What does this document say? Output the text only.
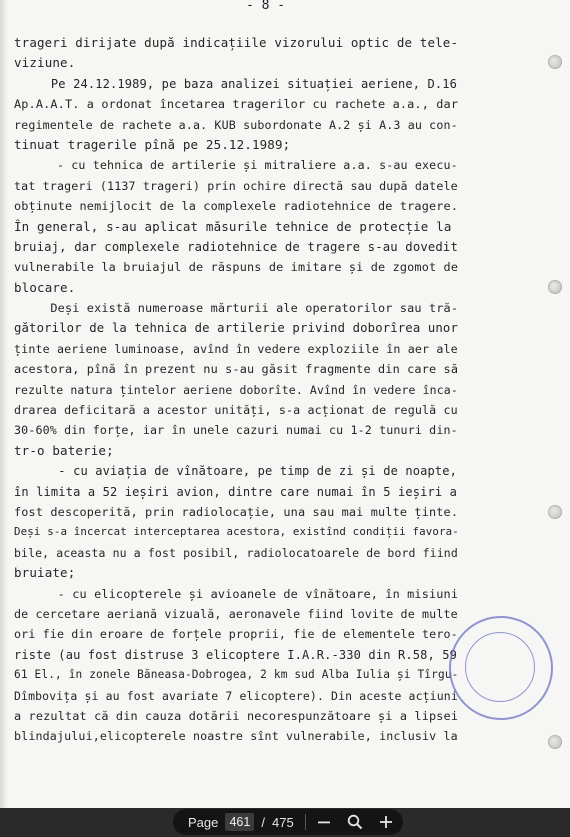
- 8 -
trageri dirijate după indicațiile vizorului optic de tele-
viziune.
Pe 24.12.1989, pe baza analizei situației aeriene, D.16
Ap.A.A.T. a ordonat încetarea tragerilor cu rachete a.a., dar
regimentele de rachete a.a. KUB subordonate A.2 și A.3 au con-
tinuat tragerile pînă pe 25.12.1989;
- cu tehnica de artilerie și mitraliere a.a. s-au execu-
tat trageri (1137 trageri) prin ochire directă sau după datele
obținute nemijlocit de la complexele radiotehnice de tragere.
În general, s-au aplicat măsurile tehnice de protecție la
bruiaj, dar complexele radiotehnice de tragere s-au dovedit
vulnerabile la bruiajul de răspuns de imitare și de zgomot de
blocare.
Deși există numeroase mărturii ale operatorilor sau tră-
gătorilor de la tehnica de artilerie privind doborîrea unor
ținte aeriene luminoase, avînd în vedere exploziile în aer ale
acestora, pînă în prezent nu s-au găsit fragmente din care să
rezulte natura țintelor aeriene doborîte. Avînd în vedere înca-
drarea deficitară a acestor unități, s-a acționat de regulă cu
30-60% din forțe, iar în unele cazuri numai cu 1-2 tunuri din-
tr-o baterie;
- cu aviația de vînătoare, pe timp de zi și de noapte,
în limita a 52 ieșiri avion, dintre care numai în 5 ieșiri a
fost descoperită, prin radiolocație, una sau mai multe ținte.
Deși s-a încercat interceptarea acestora, existînd condiții favora-
bile, aceasta nu a fost posibil, radiolocatoarele de bord fiind
bruiate;
- cu elicopterele și avioanele de vînătoare, în misiuni
de cercetare aeriană vizuală, aeronavele fiind lovite de multe
ori fie din eroare de forțele proprii, fie de elementele tero-
riste (au fost distruse 3 elicoptere I.A.R.-330 din R.58, 59
61 El., în zonele Băneasa-Dobrogea, 2 km sud Alba Iulia și Tîrgu-
Dîmbovița și au fost avariate 7 elicoptere). Din aceste acțiuni
a rezultat că din cauza dotării necorespunzătoare și a lipsei
blindajului,elicopterele noastre sînt vulnerabile, inclusiv la
Page
461	/ 475
